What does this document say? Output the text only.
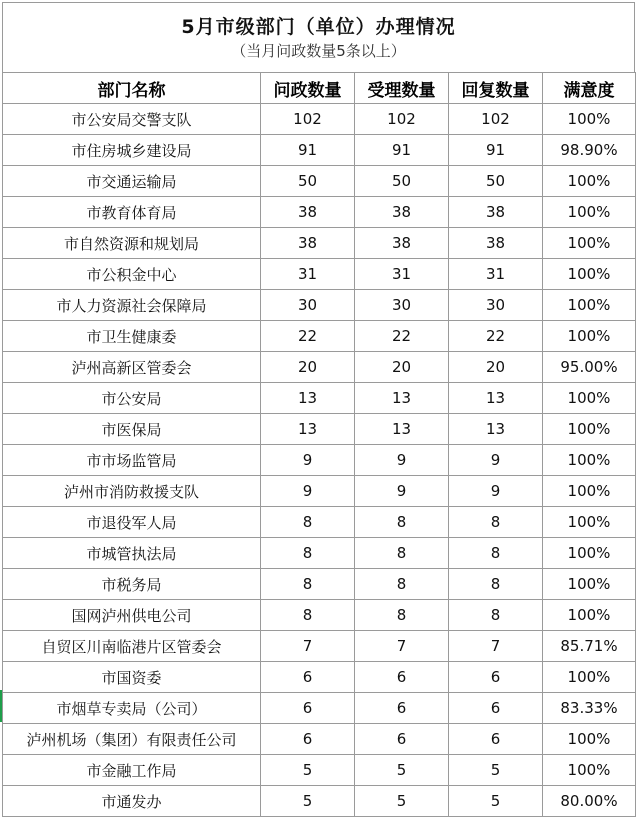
5月市级部门（单位）办理情况
（当月问政数量5条以上）
部门名称	问政数量	受理数量	回复数量	满意度
市公安局交警支队	102	102	102	100%
市住房城乡建设局	91	91	91	98.90%
市交通运输局	50	50	50	100%
市教育体育局	38	38	38	100%
市自然资源和规划局	38	38	38	100%
市公积金中心	31	31	31	100%
市人力资源社会保障局	30	30	30	100%
市卫生健康委	22	22	22	100%
泸州高新区管委会	20	20	20	95.00%
市公安局	13	13	13	100%
市医保局	13	13	13	100%
市市场监管局	9	9	9	100%
泸州市消防救援支队	9	9	9	100%
市退役军人局	8	8	8	100%
市城管执法局	8	8	8	100%
市税务局	8	8	8	100%
国网泸州供电公司	8	8	8	100%
自贸区川南临港片区管委会	7	7	7	85.71%
市国资委	6	6	6	100%
市烟草专卖局（公司）	6	6	6	83.33%
泸州机场（集团）有限责任公司	6	6	6	100%
市金融工作局	5	5	5	100%
市通发办	5	5	5	80.00%
